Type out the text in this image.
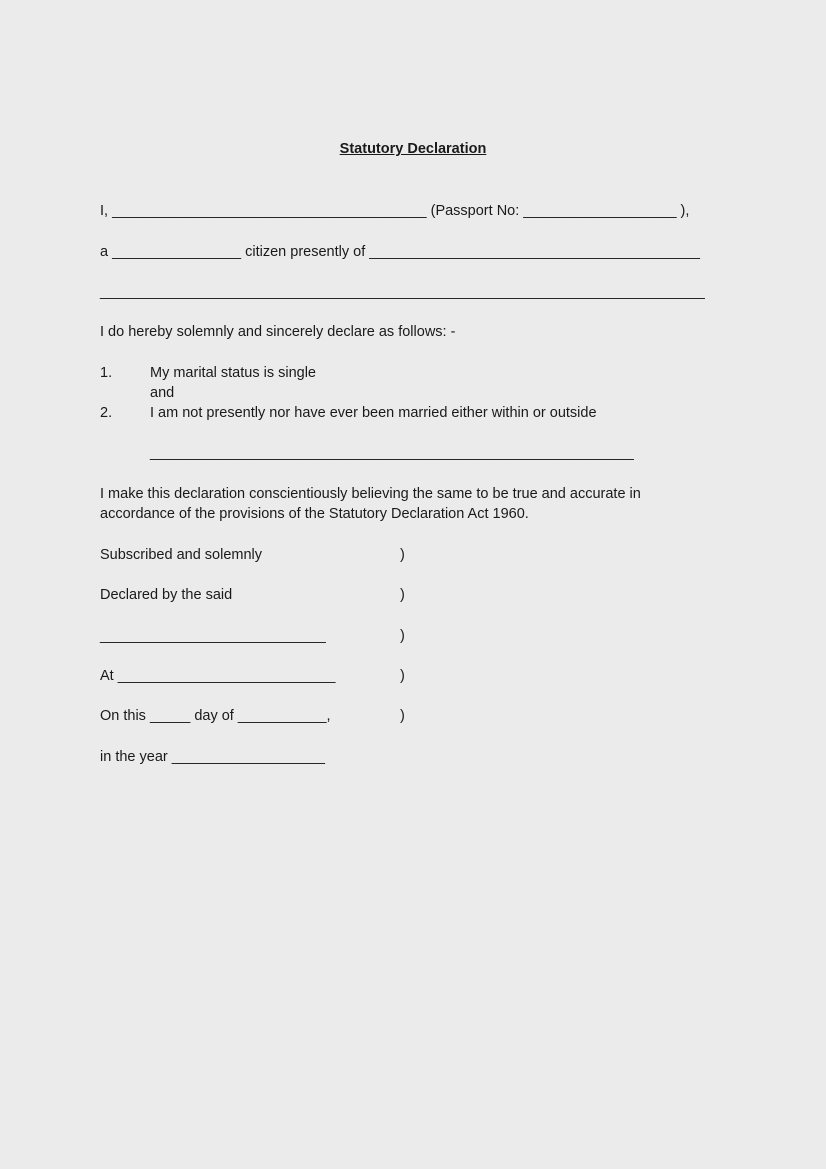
Statutory Declaration

I, _______________________________________ (Passport No: ___________________ ),

a ________________ citizen presently of _________________________________________

___________________________________________________________________________

I do hereby solemnly and sincerely declare as follows: -

1.	My marital status is single

and

2.	I am not presently nor have ever been married either within or outside

____________________________________________________________

I make this declaration conscientiously believing the same to be true and accurate in

accordance of the provisions of the Statutory Declaration Act 1960.

Subscribed and solemnly	)

Declared by the said	)

____________________________	)

At ___________________________	)

On this _____ day of ___________,	)

in the year ___________________
